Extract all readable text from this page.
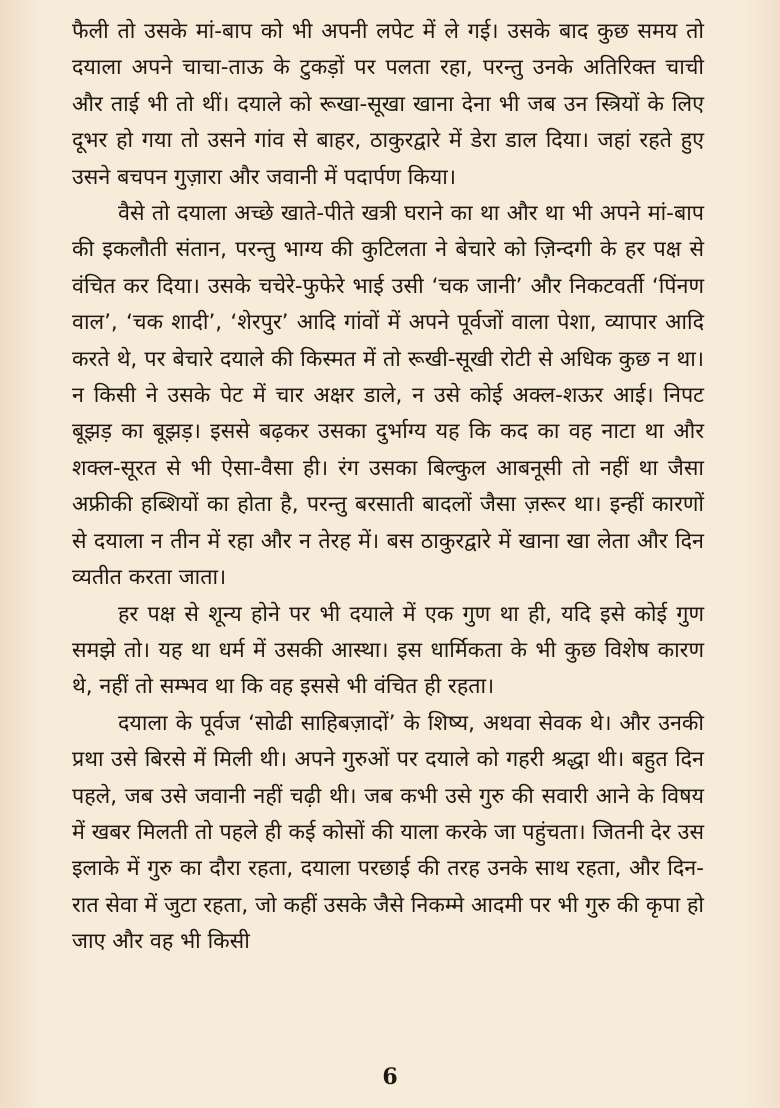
फैली तो उसके मां-बाप को भी अपनी लपेट में ले गई। उसके बाद कुछ समय तो दयाला अपने चाचा-ताऊ के टुकड़ों पर पलता रहा, परन्तु उनके अतिरिक्त चाची और ताई भी तो थीं। दयाले को रूखा-सूखा खाना देना भी जब उन स्त्रियों के लिए दूभर हो गया तो उसने गांव से बाहर, ठाकुरद्वारे में डेरा डाल दिया। जहां रहते हुए उसने बचपन गुज़ारा और जवानी में पदार्पण किया।

वैसे तो दयाला अच्छे खाते-पीते खत्री घराने का था और था भी अपने मां-बाप की इकलौती संतान, परन्तु भाग्य की कुटिलता ने बेचारे को ज़िन्दगी के हर पक्ष से वंचित कर दिया। उसके चचेरे-फुफेरे भाई उसी ‘चक जानी’ और निकटवर्ती ‘पिंनण वाल’, ‘चक शादी’, ‘शेरपुर’ आदि गांवों में अपने पूर्वजों वाला पेशा, व्यापार आदि करते थे, पर बेचारे दयाले की किस्मत में तो रूखी-सूखी रोटी से अधिक कुछ न था। न किसी ने उसके पेट में चार अक्षर डाले, न उसे कोई अक्ल-शऊर आई। निपट बूझड़ का बूझड़। इससे बढ़कर उसका दुर्भाग्य यह कि कद का वह नाटा था और शक्ल-सूरत से भी ऐसा-वैसा ही। रंग उसका बिल्कुल आबनूसी तो नहीं था जैसा अफ्रीकी हब्शियों का होता है, परन्तु बरसाती बादलों जैसा ज़रूर था। इन्हीं कारणों से दयाला न तीन में रहा और न तेरह में। बस ठाकुरद्वारे में खाना खा लेता और दिन व्यतीत करता जाता।

हर पक्ष से शून्य होने पर भी दयाले में एक गुण था ही, यदि इसे कोई गुण समझे तो। यह था धर्म में उसकी आस्था। इस धार्मिकता के भी कुछ विशेष कारण थे, नहीं तो सम्भव था कि वह इससे भी वंचित ही रहता।

दयाला के पूर्वज ‘सोढी साहिबज़ादों’ के शिष्य, अथवा सेवक थे। और उनकी प्रथा उसे बिरसे में मिली थी। अपने गुरुओं पर दयाले को गहरी श्रद्धा थी। बहुत दिन पहले, जब उसे जवानी नहीं चढ़ी थी। जब कभी उसे गुरु की सवारी आने के विषय में खबर मिलती तो पहले ही कई कोसों की याला करके जा पहुंचता। जितनी देर उस इलाके में गुरु का दौरा रहता, दयाला परछाई की तरह उनके साथ रहता, और दिन-रात सेवा में जुटा रहता, जो कहीं उसके जैसे निकम्मे आदमी पर भी गुरु की कृपा हो जाए और वह भी किसी

6
